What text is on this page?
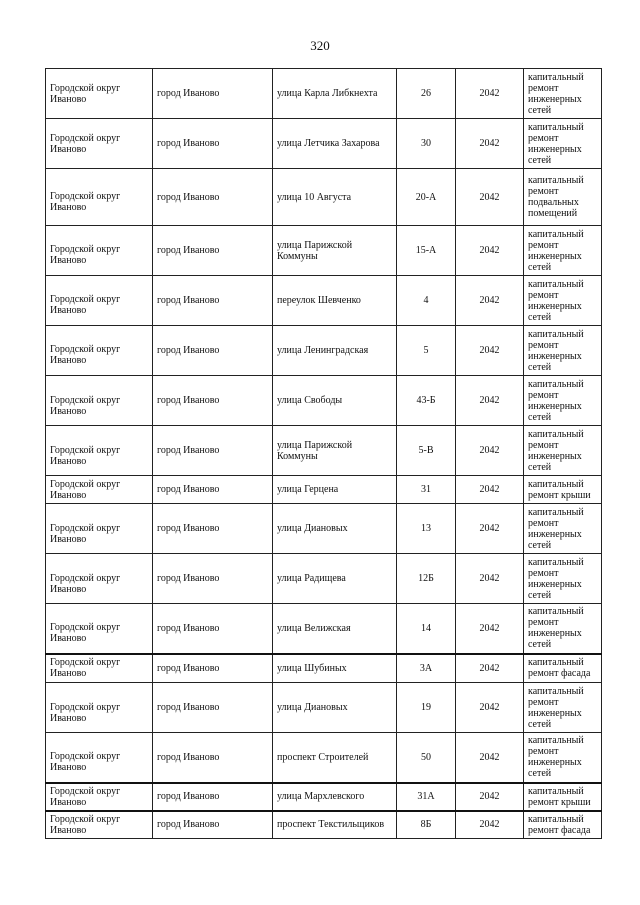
320
Городской округ Иваново	город Иваново	улица Карла Либкнехта	26	2042	капитальный ремонт инженерных сетей
Городской округ Иваново	город Иваново	улица Летчика Захарова	30	2042	капитальный ремонт инженерных сетей
Городской округ Иваново	город Иваново	улица 10 Августа	20-А	2042	капитальный ремонт подвальных помещений
Городской округ Иваново	город Иваново	улица Парижской Коммуны	15-А	2042	капитальный ремонт инженерных сетей
Городской округ Иваново	город Иваново	переулок Шевченко	4	2042	капитальный ремонт инженерных сетей
Городской округ Иваново	город Иваново	улица Ленинградская	5	2042	капитальный ремонт инженерных сетей
Городской округ Иваново	город Иваново	улица Свободы	43-Б	2042	капитальный ремонт инженерных сетей
Городской округ Иваново	город Иваново	улица Парижской Коммуны	5-В	2042	капитальный ремонт инженерных сетей
Городской округ Иваново	город Иваново	улица Герцена	31	2042	капитальный ремонт крыши
Городской округ Иваново	город Иваново	улица Диановых	13	2042	капитальный ремонт инженерных сетей
Городской округ Иваново	город Иваново	улица Радищева	12Б	2042	капитальный ремонт инженерных сетей
Городской округ Иваново	город Иваново	улица Велижская	14	2042	капитальный ремонт инженерных сетей
Городской округ Иваново	город Иваново	улица Шубиных	3А	2042	капитальный ремонт фасада
Городской округ Иваново	город Иваново	улица Диановых	19	2042	капитальный ремонт инженерных сетей
Городской округ Иваново	город Иваново	проспект Строителей	50	2042	капитальный ремонт инженерных сетей
Городской округ Иваново	город Иваново	улица Мархлевского	31А	2042	капитальный ремонт крыши
Городской округ Иваново	город Иваново	проспект Текстильщиков	8Б	2042	капитальный ремонт фасада
